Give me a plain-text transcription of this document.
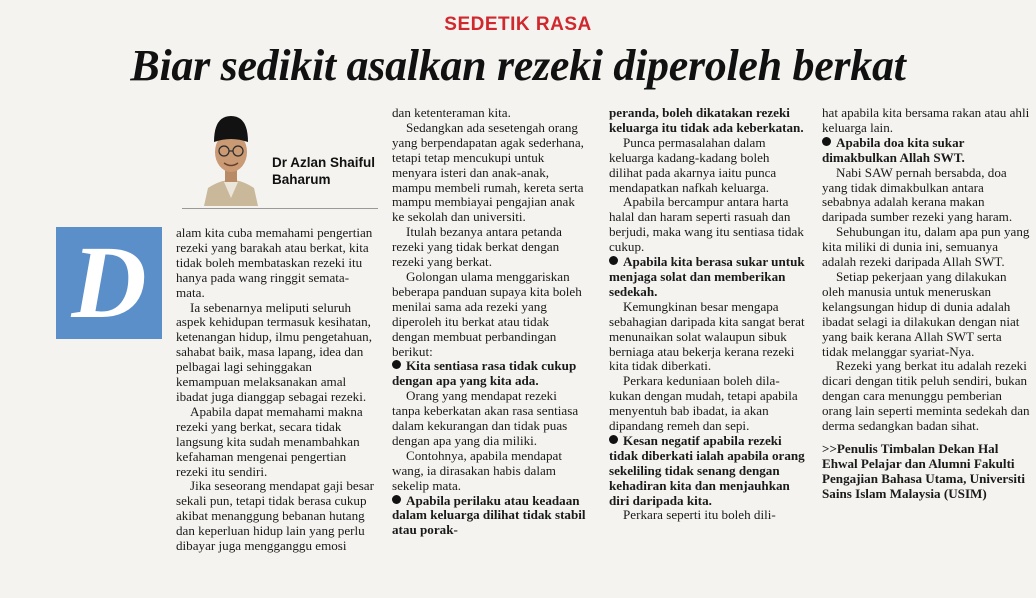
SEDETIK RASA
Biar sedikit asalkan rezeki diperoleh berkat
Dr Azlan Shaiful
Baharum
D	alam kita cuba memahami pengertian rezeki yang barakah atau berkat, kita tidak boleh membataskan rezeki itu hanya pada wang ringgit semata-mata.

Ia sebenarnya meliputi seluruh aspek kehidupan termasuk kesihatan, ketenangan hidup, ilmu pengetahuan, sahabat baik, masa lapang, idea dan pelbagai lagi sehinggakan kemampuan melaksanakan amal ibadat juga dianggap sebagai rezeki.

Apabila dapat memahami makna rezeki yang berkat, secara tidak langsung kita sudah menambahkan kefahaman mengenai pengertian rezeki itu sendiri.

Jika seseorang mendapat gaji besar sekali pun, tetapi tidak berasa cukup akibat menanggung bebanan hutang dan keperluan hidup lain yang perlu dibayar juga mengganggu emosi

dan ketenteraman kita.

Sedangkan ada sesetengah orang yang berpendapatan agak sederhana, tetapi tetap mencukupi untuk menyara isteri dan anak-anak, mampu membeli rumah, kereta serta mampu membiayai pengajian anak ke sekolah dan universiti.

Itulah bezanya antara petanda rezeki yang tidak berkat dengan rezeki yang berkat.

Golongan ulama menggariskan beberapa panduan supaya kita boleh menilai sama ada rezeki yang diperoleh itu berkat atau tidak dengan membuat perbandingan berikut:

Kita sentiasa rasa tidak cukup dengan apa yang kita ada.

Orang yang mendapat rezeki tanpa keberkatan akan rasa sentiasa dalam kekurangan dan tidak puas dengan apa yang dia miliki.

Contohnya, apabila mendapat wang, ia dirasakan habis dalam sekelip mata.

Apabila perilaku atau keadaan dalam keluarga dilihat tidak stabil atau porak-

peranda, boleh dikatakan rezeki keluarga itu tidak ada keberkatan.

Punca permasalahan dalam keluarga kadang-kadang boleh dilihat pada akarnya iaitu punca mendapatkan nafkah keluarga.

Apabila bercampur antara harta halal dan haram seperti rasuah dan berjudi, maka wang itu sentiasa tidak cukup.

Apabila kita berasa sukar untuk menjaga solat dan memberikan sedekah.

Kemungkinan besar mengapa sebahagian daripada kita sangat berat menunaikan solat walaupun sibuk berniaga atau bekerja kerana rezeki kita tidak diberkati.

Perkara keduniaan boleh dilakukan dengan mudah, tetapi apabila menyentuh bab ibadat, ia akan dipandang remeh dan sepi.

Kesan negatif apabila rezeki tidak diberkati ialah apabila orang sekeliling tidak senang dengan kehadiran kita dan menjauhkan diri daripada kita.

Perkara seperti itu boleh dili-

hat apabila kita bersama rakan atau ahli keluarga lain.

Apabila doa kita sukar dimakbulkan Allah SWT.

Nabi SAW pernah bersabda, doa yang tidak dimakbulkan antara sebabnya adalah kerana makan daripada sumber rezeki yang haram.

Sehubungan itu, dalam apa pun yang kita miliki di dunia ini, semuanya adalah rezeki daripada Allah SWT.

Setiap pekerjaan yang dilakukan oleh manusia untuk meneruskan kelangsungan hidup di dunia adalah ibadat selagi ia dilakukan dengan niat yang baik kerana Allah SWT serta tidak melanggar syariat-Nya.

Rezeki yang berkat itu adalah rezeki dicari dengan titik peluh sendiri, bukan dengan cara menunggu pemberian orang lain seperti meminta sedekah dan derma sedangkan badan sihat.

>>Penulis Timbalan Dekan Hal Ehwal Pelajar dan Alumni Fakulti Pengajian Bahasa Utama, Universiti Sains Islam Malaysia (USIM)
